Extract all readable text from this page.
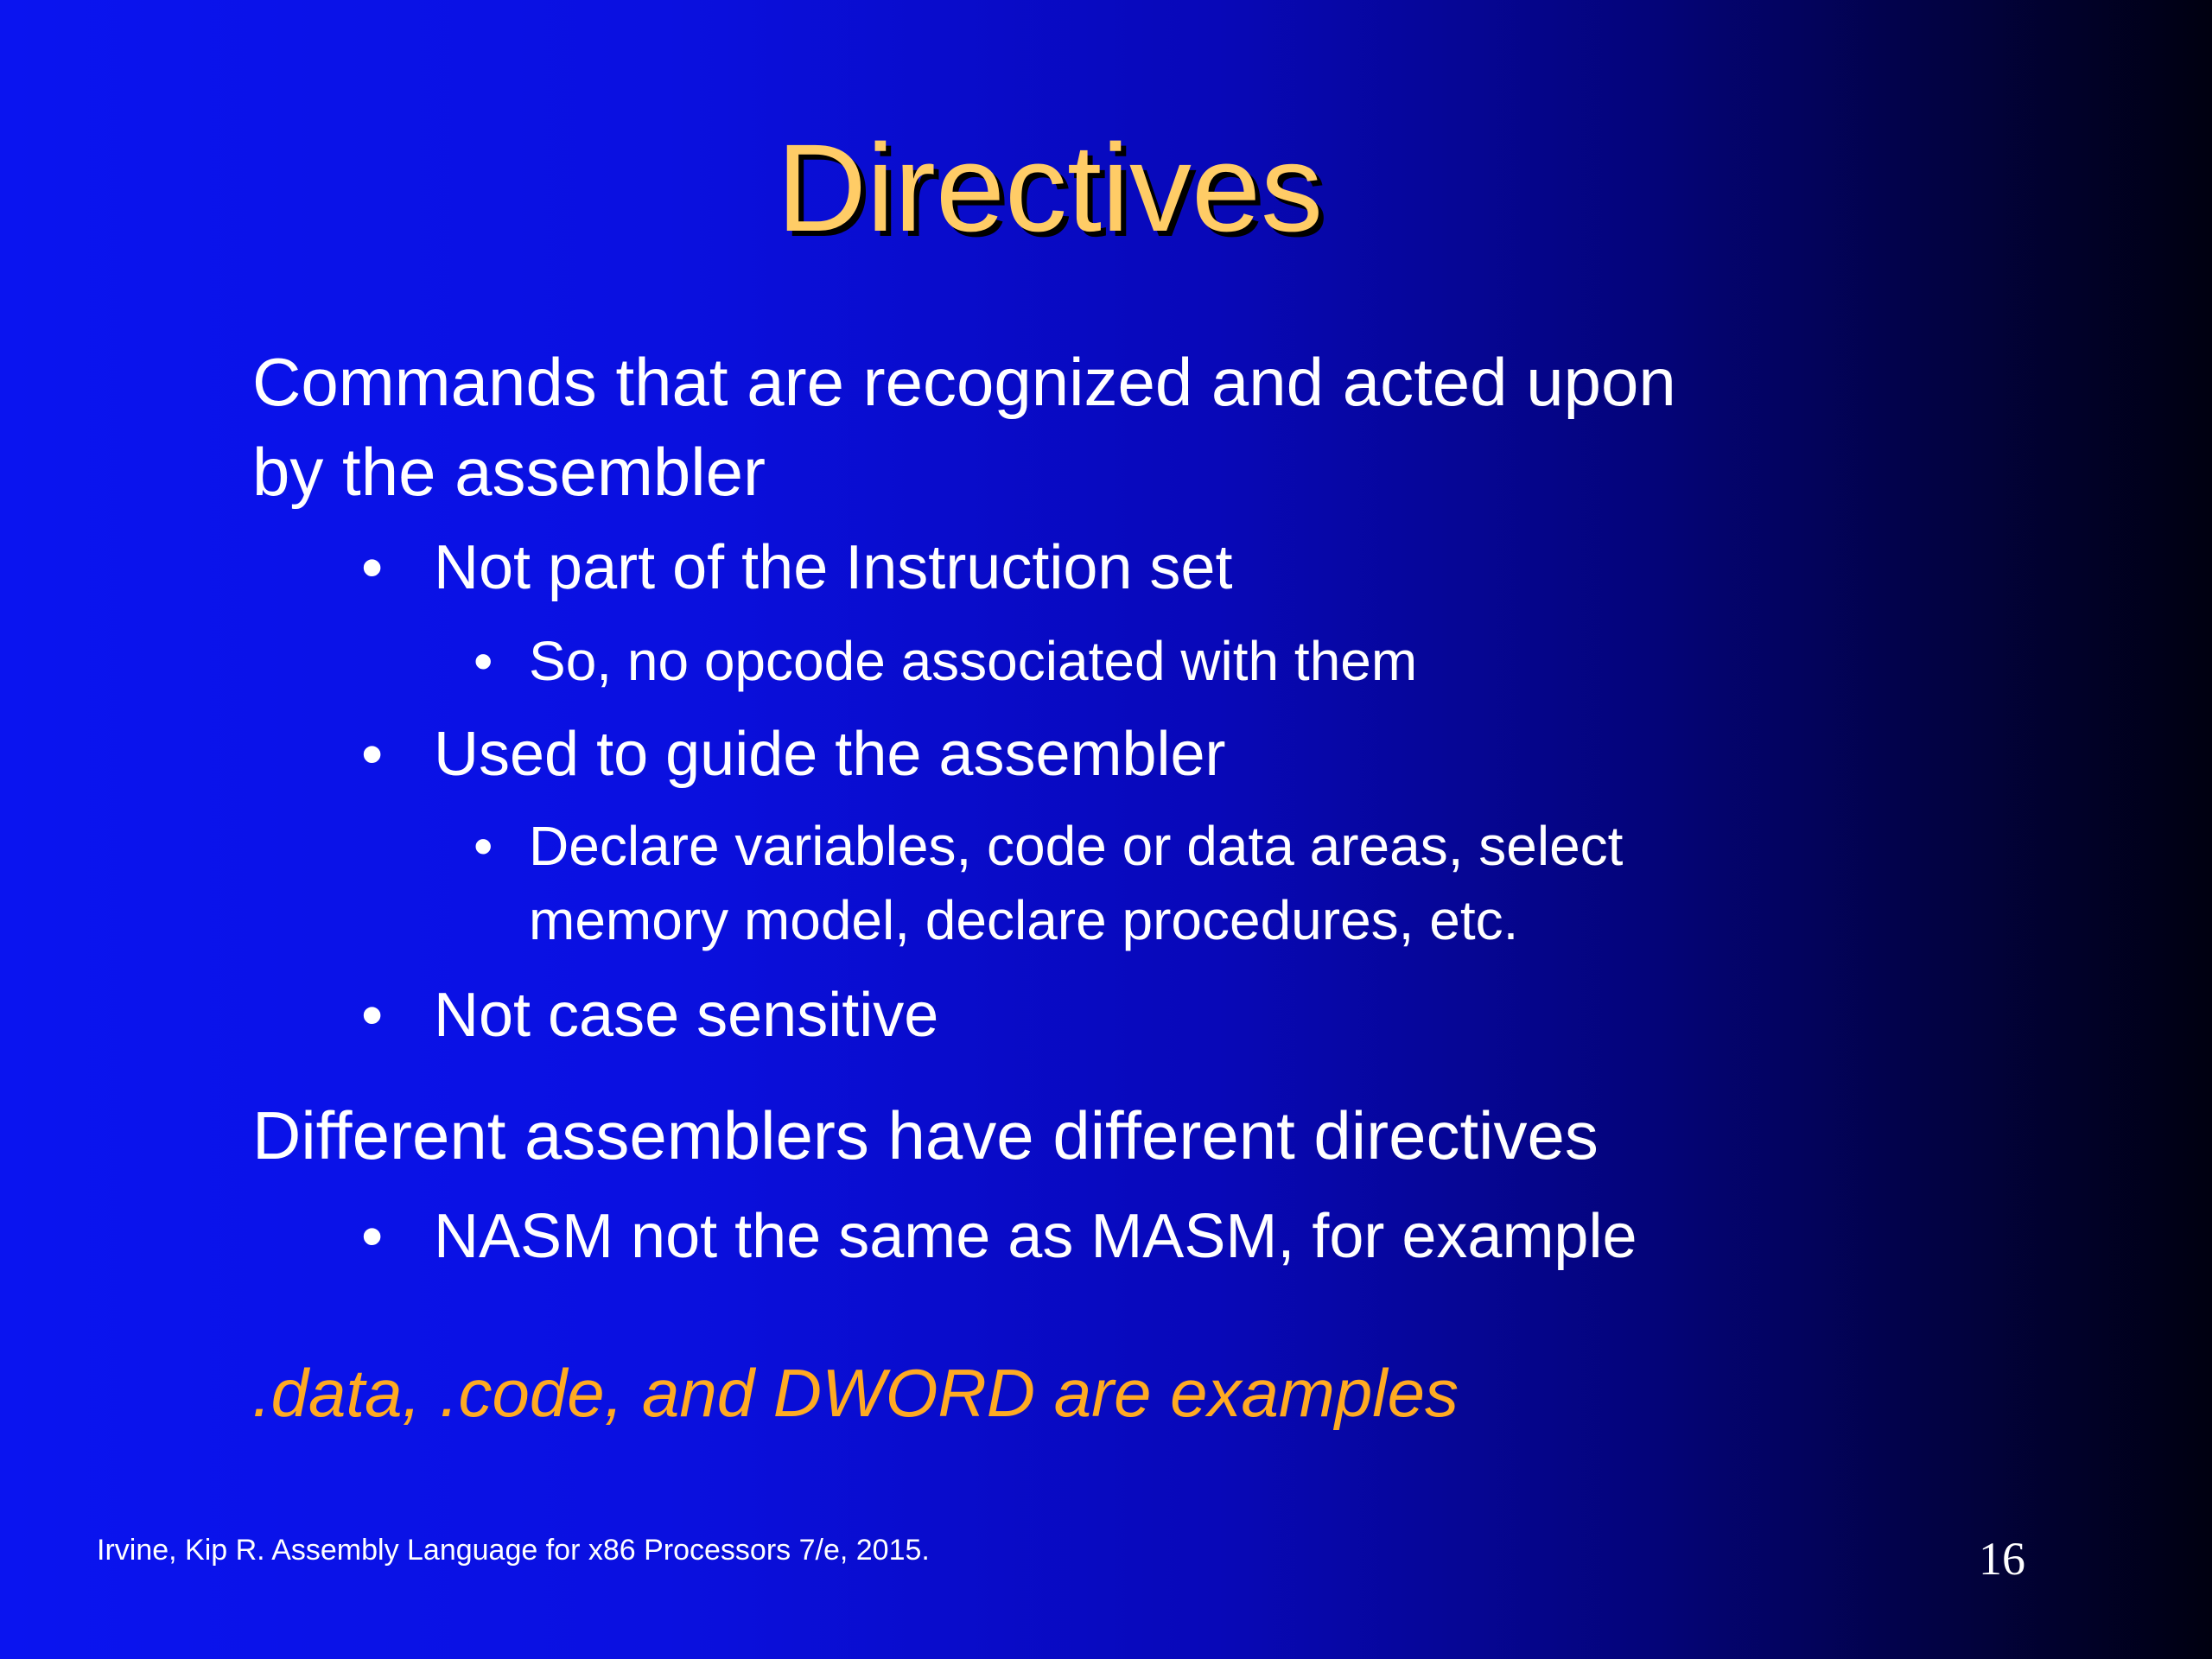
Directives
Commands that are recognized and acted upon
by the assembler
• Not part of the Instruction set
• So, no opcode associated with them
• Used to guide the assembler
• Declare variables, code or data areas, select
memory model, declare procedures, etc.
• Not case sensitive
Different assemblers have different directives
• NASM not the same as MASM, for example
.data, .code, and DWORD are examples
Irvine, Kip R. Assembly Language for x86 Processors 7/e, 2015.	16
